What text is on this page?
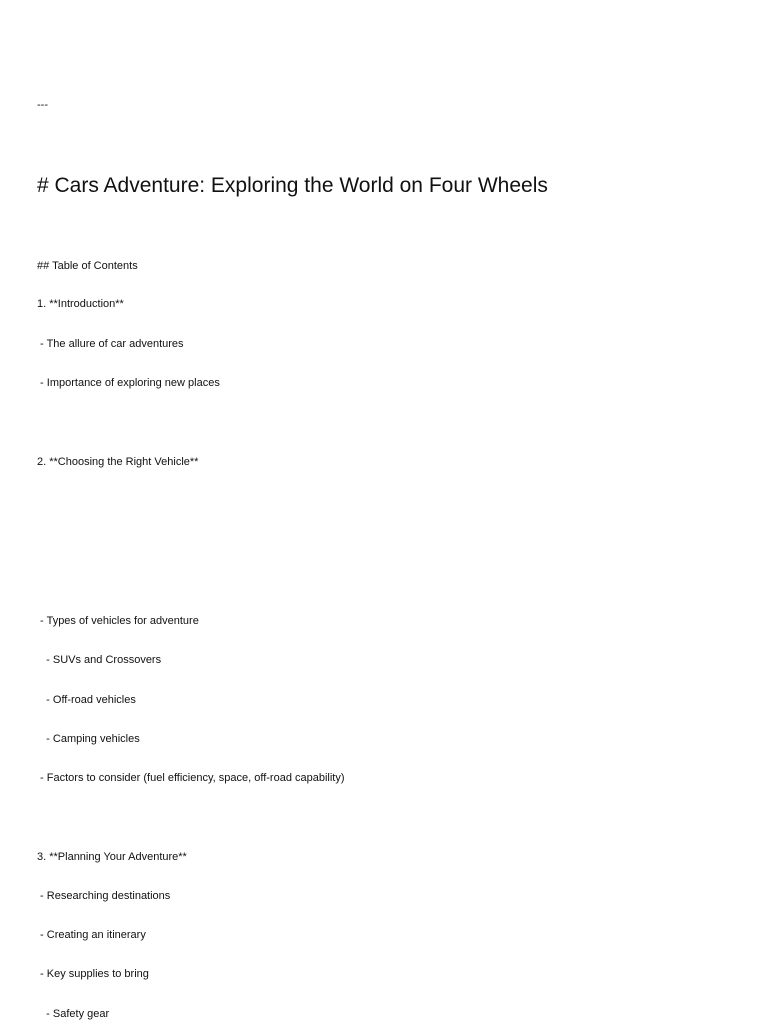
---
# Cars Adventure: Exploring the World on Four Wheels
## Table of Contents
1. **Introduction**
- The allure of car adventures
- Importance of exploring new places
2. **Choosing the Right Vehicle**
- Types of vehicles for adventure
- SUVs and Crossovers
- Off-road vehicles
- Camping vehicles
- Factors to consider (fuel efficiency, space, off-road capability)
3. **Planning Your Adventure**
- Researching destinations
- Creating an itinerary
- Key supplies to bring
- Safety gear
